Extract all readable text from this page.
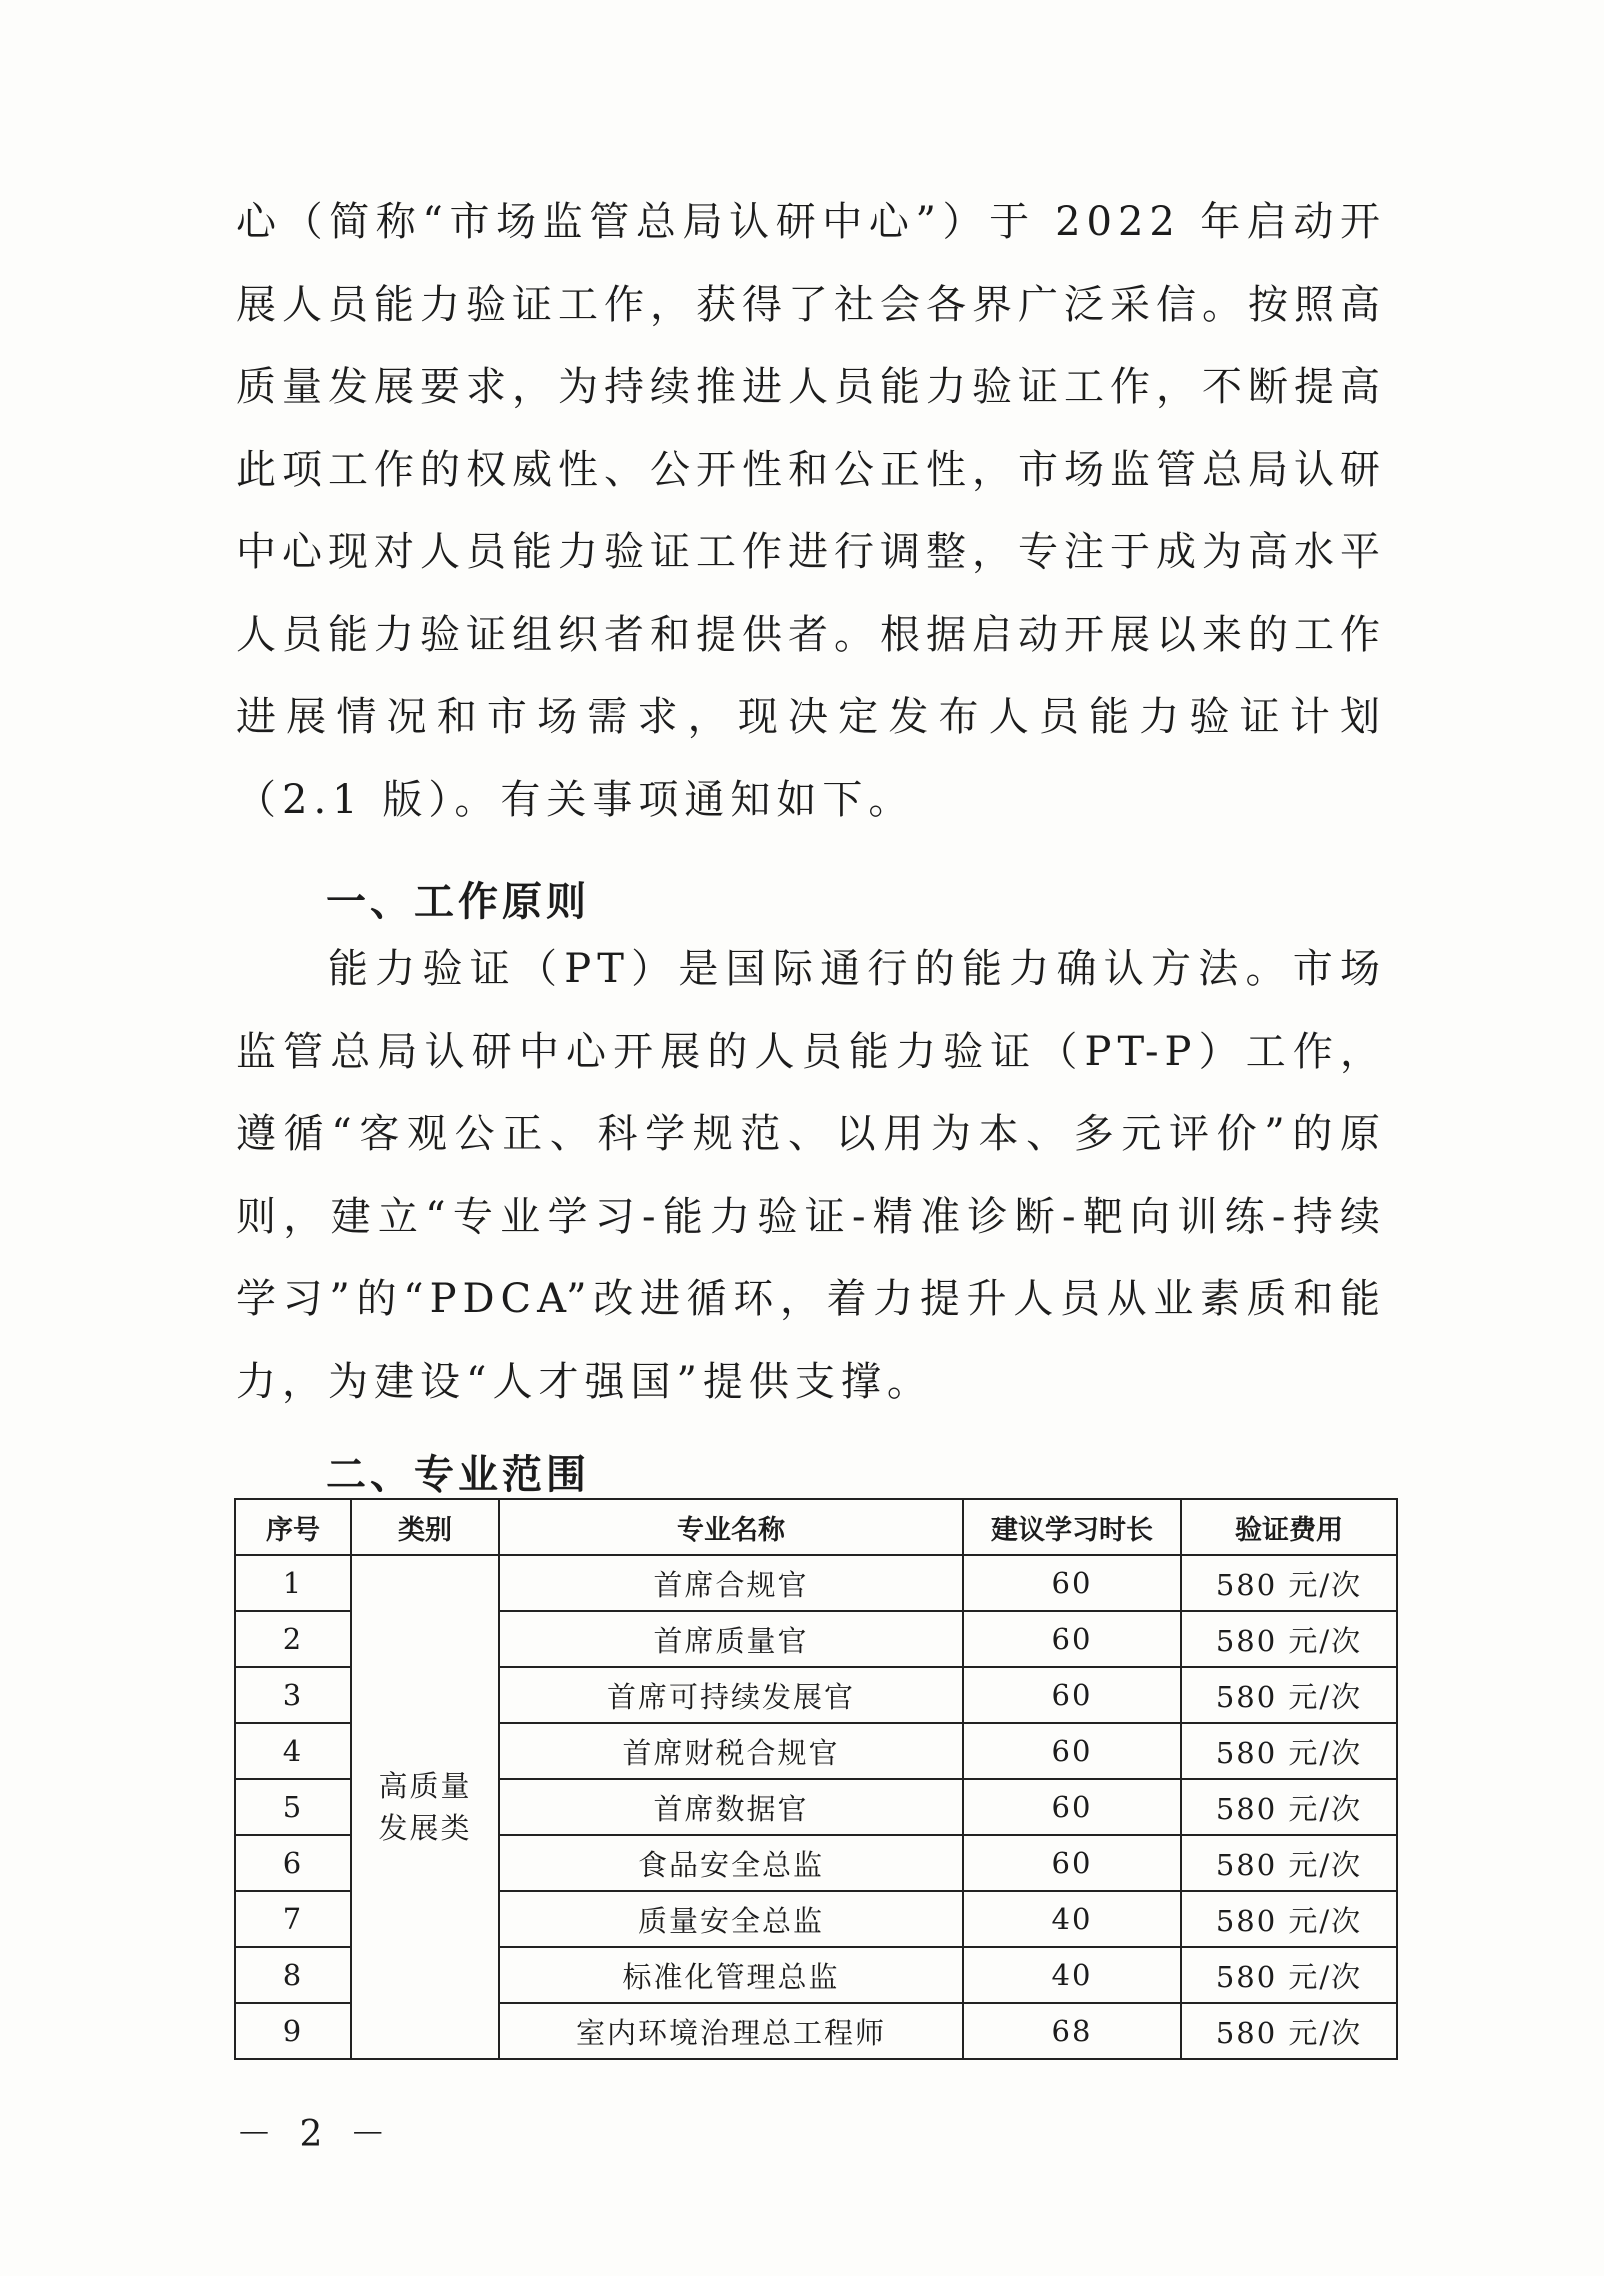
心（简称“市场监管总局认研中心”）于 2022 年启动开展人员能力验证工作，获得了社会各界广泛采信。按照高质量发展要求，为持续推进人员能力验证工作，不断提高此项工作的权威性、公开性和公正性，市场监管总局认研中心现对人员能力验证工作进行调整，专注于成为高水平人员能力验证组织者和提供者。根据启动开展以来的工作进展情况和市场需求，现决定发布人员能力验证计划（2.1 版）。有关事项通知如下。

一、工作原则

能力验证（PT）是国际通行的能力确认方法。市场监管总局认研中心开展的人员能力验证（PT-P）工作，遵循“客观公正、科学规范、以用为本、多元评价”的原则，建立“专业学习-能力验证-精准诊断-靶向训练-持续学习”的“PDCA”改进循环，着力提升人员从业素质和能力，为建设“人才强国”提供支撑。

二、专业范围
序号	类别	专业名称	建议学习时长	验证费用
1	高质量发展类	首席合规官	60	580 元/次
2		首席质量官	60	580 元/次
3		首席可持续发展官	60	580 元/次
4		首席财税合规官	60	580 元/次
5		首席数据官	60	580 元/次
6		食品安全总监	60	580 元/次
7		质量安全总监	40	580 元/次
8		标准化管理总监	40	580 元/次
9		室内环境治理总工程师	68	580 元/次
－ 2 －
